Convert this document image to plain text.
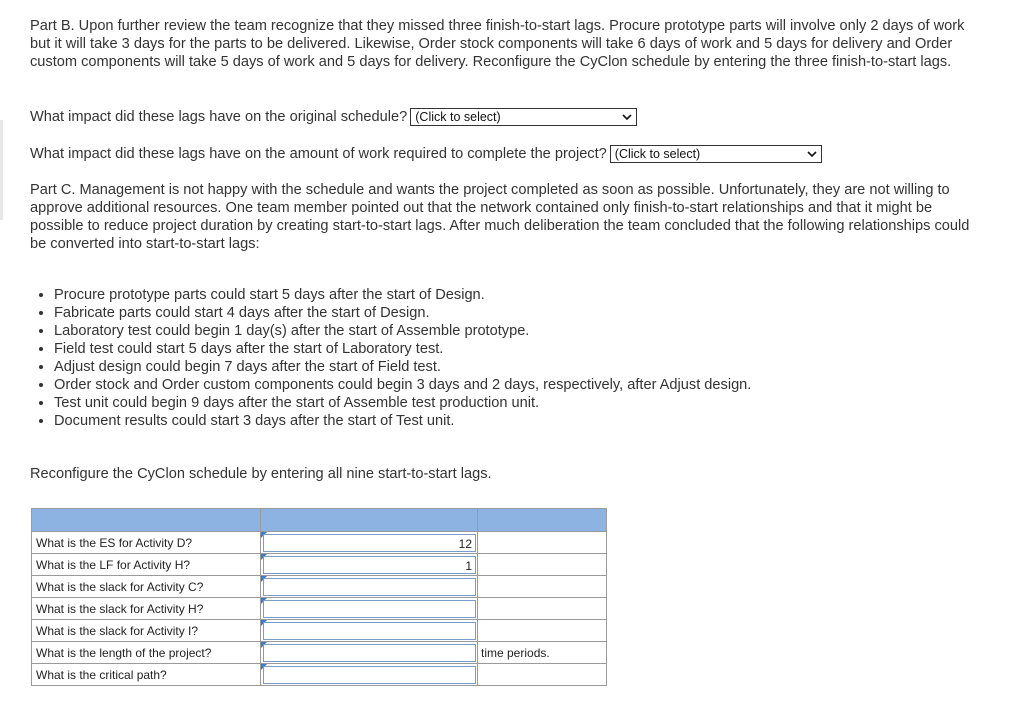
Part B. Upon further review the team recognize that they missed three finish-to-start lags. Procure prototype parts will involve only 2 days of work but it will take 3 days for the parts to be delivered. Likewise, Order stock components will take 6 days of work and 5 days for delivery and Order custom components will take 5 days of work and 5 days for delivery. Reconfigure the CyClon schedule by entering the three finish-to-start lags.

What impact did these lags have on the original schedule? (Click to select)
What impact did these lags have on the amount of work required to complete the project? (Click to select)

Part C. Management is not happy with the schedule and wants the project completed as soon as possible. Unfortunately, they are not willing to approve additional resources. One team member pointed out that the network contained only finish-to-start relationships and that it might be possible to reduce project duration by creating start-to-start lags. After much deliberation the team concluded that the following relationships could be converted into start-to-start lags:

• Procure prototype parts could start 5 days after the start of Design.
• Fabricate parts could start 4 days after the start of Design.
• Laboratory test could begin 1 day(s) after the start of Assemble prototype.
• Field test could start 5 days after the start of Laboratory test.
• Adjust design could begin 7 days after the start of Field test.
• Order stock and Order custom components could begin 3 days and 2 days, respectively, after Adjust design.
• Test unit could begin 9 days after the start of Assemble test production unit.
• Document results could start 3 days after the start of Test unit.

Reconfigure the CyClon schedule by entering all nine start-to-start lags.

What is the ES for Activity D?	12	

What is the LF for Activity H?	1	

What is the slack for Activity C?	

What is the slack for Activity H?	

What is the slack for Activity I?	

What is the length of the project?		time periods.
What is the critical path?	
